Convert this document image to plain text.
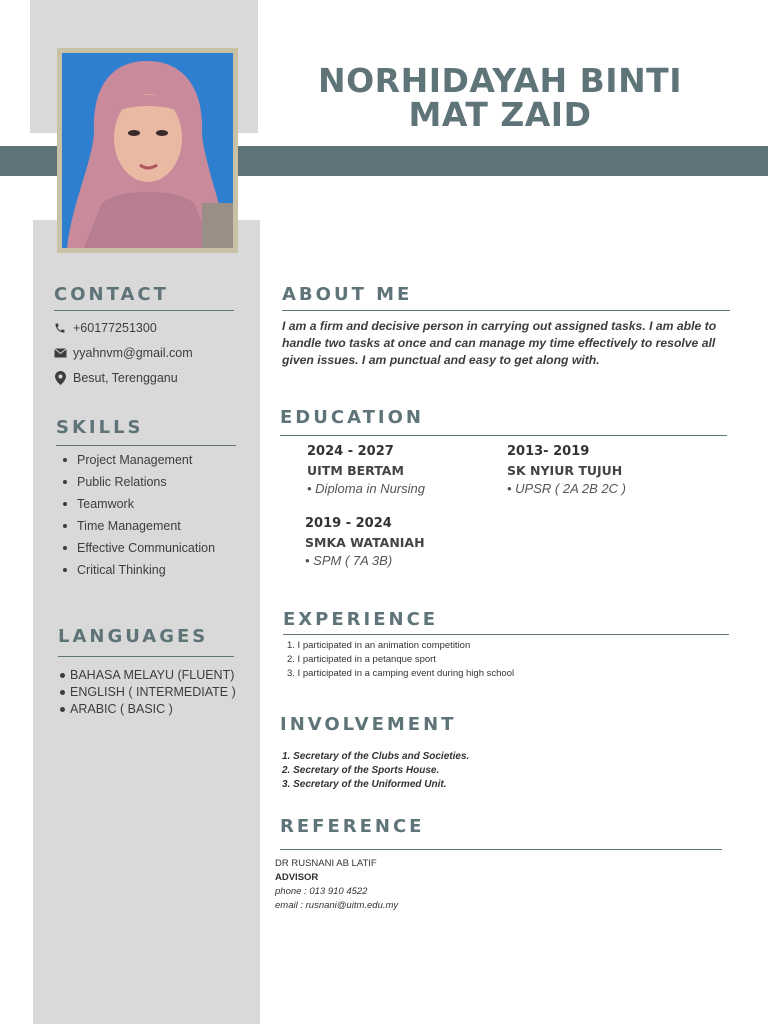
NORHIDAYAH BINTI
MAT ZAID
CONTACT
+60177251300
yyahnvm@gmail.com
Besut, Terengganu
SKILLS
Project Management
Public Relations
Teamwork
Time Management
Effective Communication
Critical Thinking
LANGUAGES
BAHASA MELAYU (FLUENT)
ENGLISH ( INTERMEDIATE )
ARABIC ( BASIC )
ABOUT ME

I am a firm and decisive person in carrying out assigned tasks. I am able to handle two tasks at once and can manage my time effectively to resolve all given issues. I am punctual and easy to get along with.

EDUCATION
2024 - 2027
UITM BERTAM
• Diploma in Nursing
2013- 2019
SK NYIUR TUJUH
• UPSR ( 2A 2B 2C )
2019 - 2024
SMKA WATANIAH
• SPM ( 7A 3B)
EXPERIENCE
1. I participated in an animation competition
2. I participated in a petanque sport
3. I participated in a camping event during high school
INVOLVEMENT
1. Secretary of the Clubs and Societies.
2. Secretary of the Sports House.
3. Secretary of the Uniformed Unit.
REFERENCE
DR RUSNANI AB LATIF
ADVISOR
phone : 013 910 4522
email : rusnani@uitm.edu.my
